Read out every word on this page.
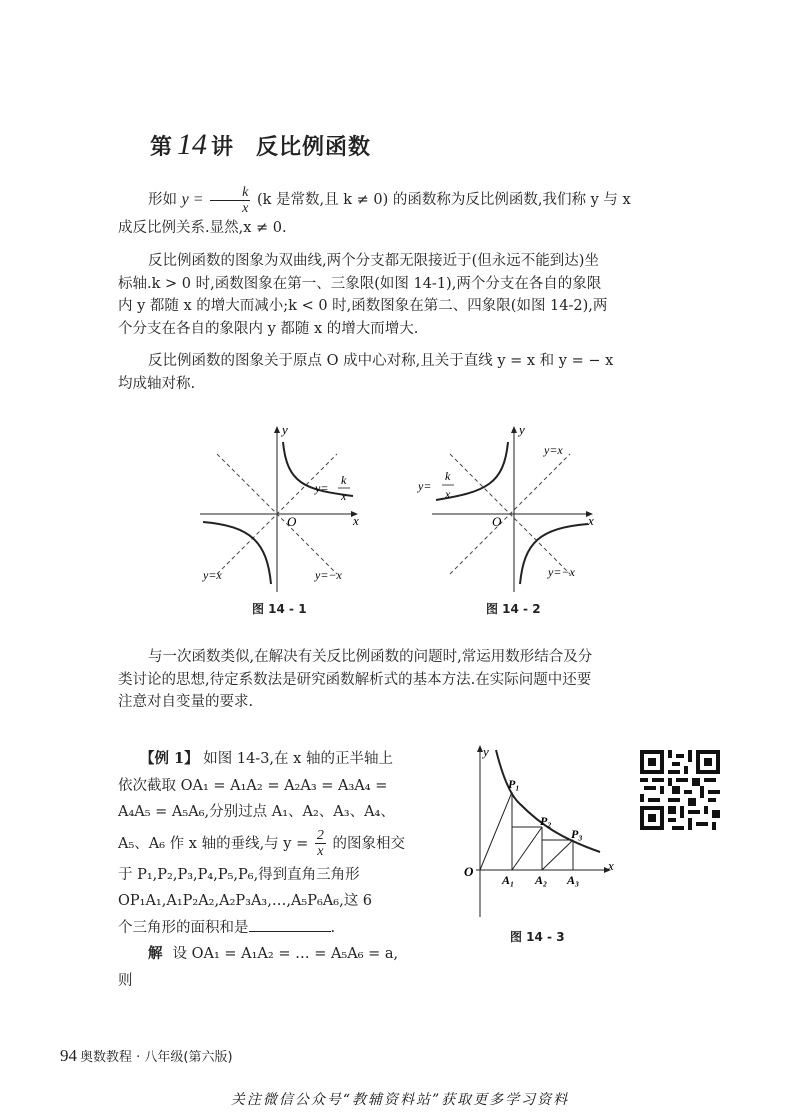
第 14 讲 反比例函数
形如 $y = \frac{k}{x} (k$ 是常数,且 k ≠ 0) 的函数称为反比例函数,我们称 y 与 x
成反比例关系.显然,x ≠ 0.
反比例函数的图象为双曲线,两个分支都无限接近于(但永远不能到达)坐
标轴.k > 0 时,函数图象在第一、三象限(如图 14-1),两个分支在各自的象限
内 y 都随 x 的增大而减小;k < 0 时,函数图象在第二、四象限(如图 14-2),两
个分支在各自的象限内 y 都随 x 的增大而增大.
反比例函数的图象关于原点 O 成中心对称,且关于直线 y = x 和 y = − x
均成轴对称.
y
x
O
y=
k
x
y=x	y=−x
图 14 - 1
y
x
O
y=
k
x
y=x
y=−x
图 14 - 2
与一次函数类似,在解决有关反比例函数的问题时,常运用数形结合及分
类讨论的思想,待定系数法是研究函数解析式的基本方法.在实际问题中还要
注意对自变量的要求.
【例 1】 如图 14-3,在 x 轴的正半轴上
依次截取 OA₁ = A₁A₂ = A₂A₃ = A₃A₄ =
A₄A₅ = A₅A₆,分别过点 A₁、A₂、A₃、A₄、
A₅、A₆ 作 x 轴的垂线,与 $y = \frac{2}{x}$ 的图象相交
于 P₁,P₂,P₃,P₄,P₅,P₆,得到直角三角形
OP₁A₁,A₁P₂A₂,A₂P₃A₃,…,A₅P₆A₆,这 6
个三角形的面积和是	.
解 设 OA₁ = A₁A₂ = … = A₅A₆ = a,
则
y
x
O
P₁
P₂
P₃
A₁ A₂ A₃
图 14 - 3
94 奥数教程 · 八年级(第六版)
关注微信公众号“教辅资料站”获取更多学习资料
